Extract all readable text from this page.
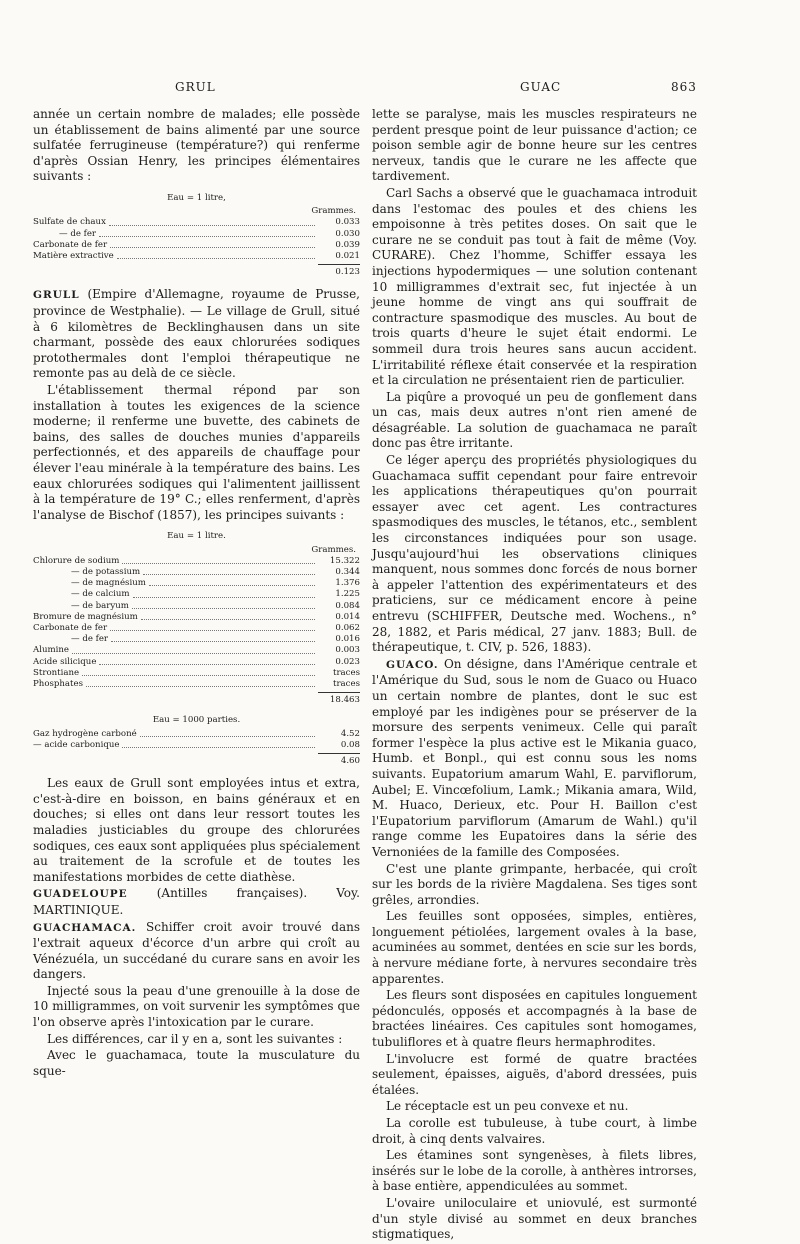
GRUL	GUAC	863

année un certain nombre de malades; elle possède un établissement de bains alimenté par une source sulfatée ferrugineuse (température?) qui renferme d'après Ossian Henry, les principes élémentaires suivants :

Eau = 1 litre,
Grammes.
Sulfate de chaux	0.033
— de fer	0.030
Carbonate de fer	0.039
Matière extractive	0.021
0.123

GRULL (Empire d'Allemagne, royaume de Prusse, province de Westphalie). — Le village de Grull, situé à 6 kilomètres de Becklinghausen dans un site charmant, possède des eaux chlorurées sodiques protothermales dont l'emploi thérapeutique ne remonte pas au delà de ce siècle.

L'établissement thermal répond par son installation à toutes les exigences de la science moderne; il renferme une buvette, des cabinets de bains, des salles de douches munies d'appareils perfectionnés, et des appareils de chauffage pour élever l'eau minérale à la température des bains. Les eaux chlorurées sodiques qui l'alimentent jaillissent à la température de 19° C.; elles renferment, d'après l'analyse de Bischof (1857), les principes suivants :

Eau = 1 litre.
Grammes.
Chlorure de sodium	15.322
— de potassium	0.344
— de magnésium	1.376
— de calcium	1.225
— de baryum	0.084
Bromure de magnésium	0.014
Carbonate de fer	0.062
— de fer	0.016
Alumine	0.003
Acide silicique	0.023
Strontiane	traces
Phosphates	traces
18.463
Eau = 1000 parties.
Gaz hydrogène carboné	4.52
— acide carbonique	0.08
4.60

Les eaux de Grull sont employées intus et extra, c'est-à-dire en boisson, en bains généraux et en douches; si elles ont dans leur ressort toutes les maladies justiciables du groupe des chlorurées sodiques, ces eaux sont appliquées plus spécialement au traitement de la scrofule et de toutes les manifestations morbides de cette diathèse.

GUADELOUPE (Antilles françaises). Voy. MARTINIQUE.

GUACHAMACA. Schiffer croit avoir trouvé dans l'extrait aqueux d'écorce d'un arbre qui croît au Vénézuéla, un succédané du curare sans en avoir les dangers.

Injecté sous la peau d'une grenouille à la dose de 10 milligrammes, on voit survenir les symptômes que l'on observe après l'intoxication par le curare.

Les différences, car il y en a, sont les suivantes :

Avec le guachamaca, toute la musculature du sque-

lette se paralyse, mais les muscles respirateurs ne perdent presque point de leur puissance d'action; ce poison semble agir de bonne heure sur les centres nerveux, tandis que le curare ne les affecte que tardivement.

Carl Sachs a observé que le guachamaca introduit dans l'estomac des poules et des chiens les empoisonne à très petites doses. On sait que le curare ne se conduit pas tout à fait de même (Voy. CURARE). Chez l'homme, Schiffer essaya les injections hypodermiques — une solution contenant 10 milligrammes d'extrait sec, fut injectée à un jeune homme de vingt ans qui souffrait de contracture spasmodique des muscles. Au bout de trois quarts d'heure le sujet était endormi. Le sommeil dura trois heures sans aucun accident. L'irritabilité réflexe était conservée et la respiration et la circulation ne présentaient rien de particulier.

La piqûre a provoqué un peu de gonflement dans un cas, mais deux autres n'ont rien amené de désagréable. La solution de guachamaca ne paraît donc pas être irritante.

Ce léger aperçu des propriétés physiologiques du Guachamaca suffit cependant pour faire entrevoir les applications thérapeutiques qu'on pourrait essayer avec cet agent. Les contractures spasmodiques des muscles, le tétanos, etc., semblent les circonstances indiquées pour son usage. Jusqu'aujourd'hui les observations cliniques manquent, nous sommes donc forcés de nous borner à appeler l'attention des expérimentateurs et des praticiens, sur ce médicament encore à peine entrevu (SCHIFFER, Deutsche med. Wochens., n° 28, 1882, et Paris médical, 27 janv. 1883; Bull. de thérapeutique, t. CIV, p. 526, 1883).

GUACO. On désigne, dans l'Amérique centrale et l'Amérique du Sud, sous le nom de Guaco ou Huaco un certain nombre de plantes, dont le suc est employé par les indigènes pour se préserver de la morsure des serpents venimeux. Celle qui paraît former l'espèce la plus active est le Mikania guaco, Humb. et Bonpl., qui est connu sous les noms suivants. Eupatorium amarum Wahl, E. parviflorum, Aubel; E. Vincœfolium, Lamk.; Mikania amara, Wild, M. Huaco, Derieux, etc. Pour H. Baillon c'est l'Eupatorium parviflorum (Amarum de Wahl.) qu'il range comme les Eupatoires dans la série des Vernoniées de la famille des Composées.

C'est une plante grimpante, herbacée, qui croît sur les bords de la rivière Magdalena. Ses tiges sont grêles, arrondies.

Les feuilles sont opposées, simples, entières, longuement pétiolées, largement ovales à la base, acuminées au sommet, dentées en scie sur les bords, à nervure médiane forte, à nervures secondaire très apparentes.

Les fleurs sont disposées en capitules longuement pédonculés, opposés et accompagnés à la base de bractées linéaires. Ces capitules sont homogames, tubuliflores et à quatre fleurs hermaphrodites.

L'involucre est formé de quatre bractées seulement, épaisses, aiguës, d'abord dressées, puis étalées.

Le réceptacle est un peu convexe et nu.

La corolle est tubuleuse, à tube court, à limbe droit, à cinq dents valvaires.

Les étamines sont syngenèses, à filets libres, insérés sur le lobe de la corolle, à anthères introrses, à base entière, appendiculées au sommet.

L'ovaire uniloculaire et uniovulé, est surmonté d'un style divisé au sommet en deux branches stigmatiques,
